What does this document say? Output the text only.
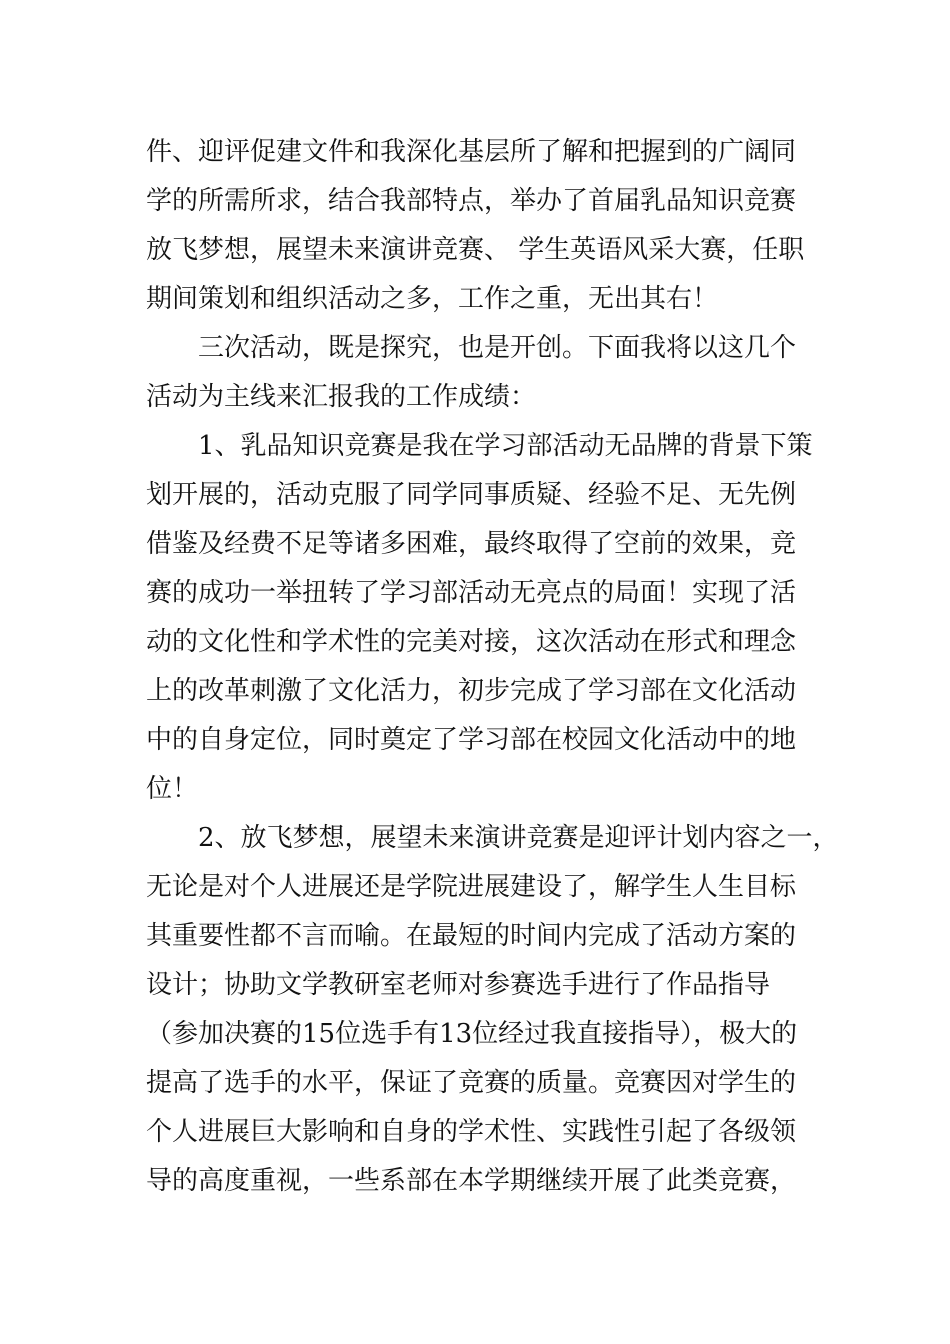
件、迎评促建文件和我深化基层所了解和把握到的广阔同
学的所需所求，结合我部特点，举办了首届乳品知识竞赛
放飞梦想，展望未来演讲竞赛、 学生英语风采大赛，任职
期间策划和组织活动之多，工作之重，无出其右！
三次活动，既是探究，也是开创。下面我将以这几个
活动为主线来汇报我的工作成绩：
1、乳品知识竞赛是我在学习部活动无品牌的背景下策
划开展的，活动克服了同学同事质疑、经验不足、无先例
借鉴及经费不足等诸多困难，最终取得了空前的效果，竞
赛的成功一举扭转了学习部活动无亮点的局面！实现了活
动的文化性和学术性的完美对接，这次活动在形式和理念
上的改革刺激了文化活力，初步完成了学习部在文化活动
中的自身定位，同时奠定了学习部在校园文化活动中的地
位！
2、放飞梦想，展望未来演讲竞赛是迎评计划内容之一，
无论是对个人进展还是学院进展建设了，解学生人生目标
其重要性都不言而喻。在最短的时间内完成了活动方案的
设计；协助文学教研室老师对参赛选手进行了作品指导
（参加决赛的15位选手有13位经过我直接指导），极大的
提高了选手的水平，保证了竞赛的质量。竞赛因对学生的
个人进展巨大影响和自身的学术性、实践性引起了各级领
导的高度重视，一些系部在本学期继续开展了此类竞赛，
